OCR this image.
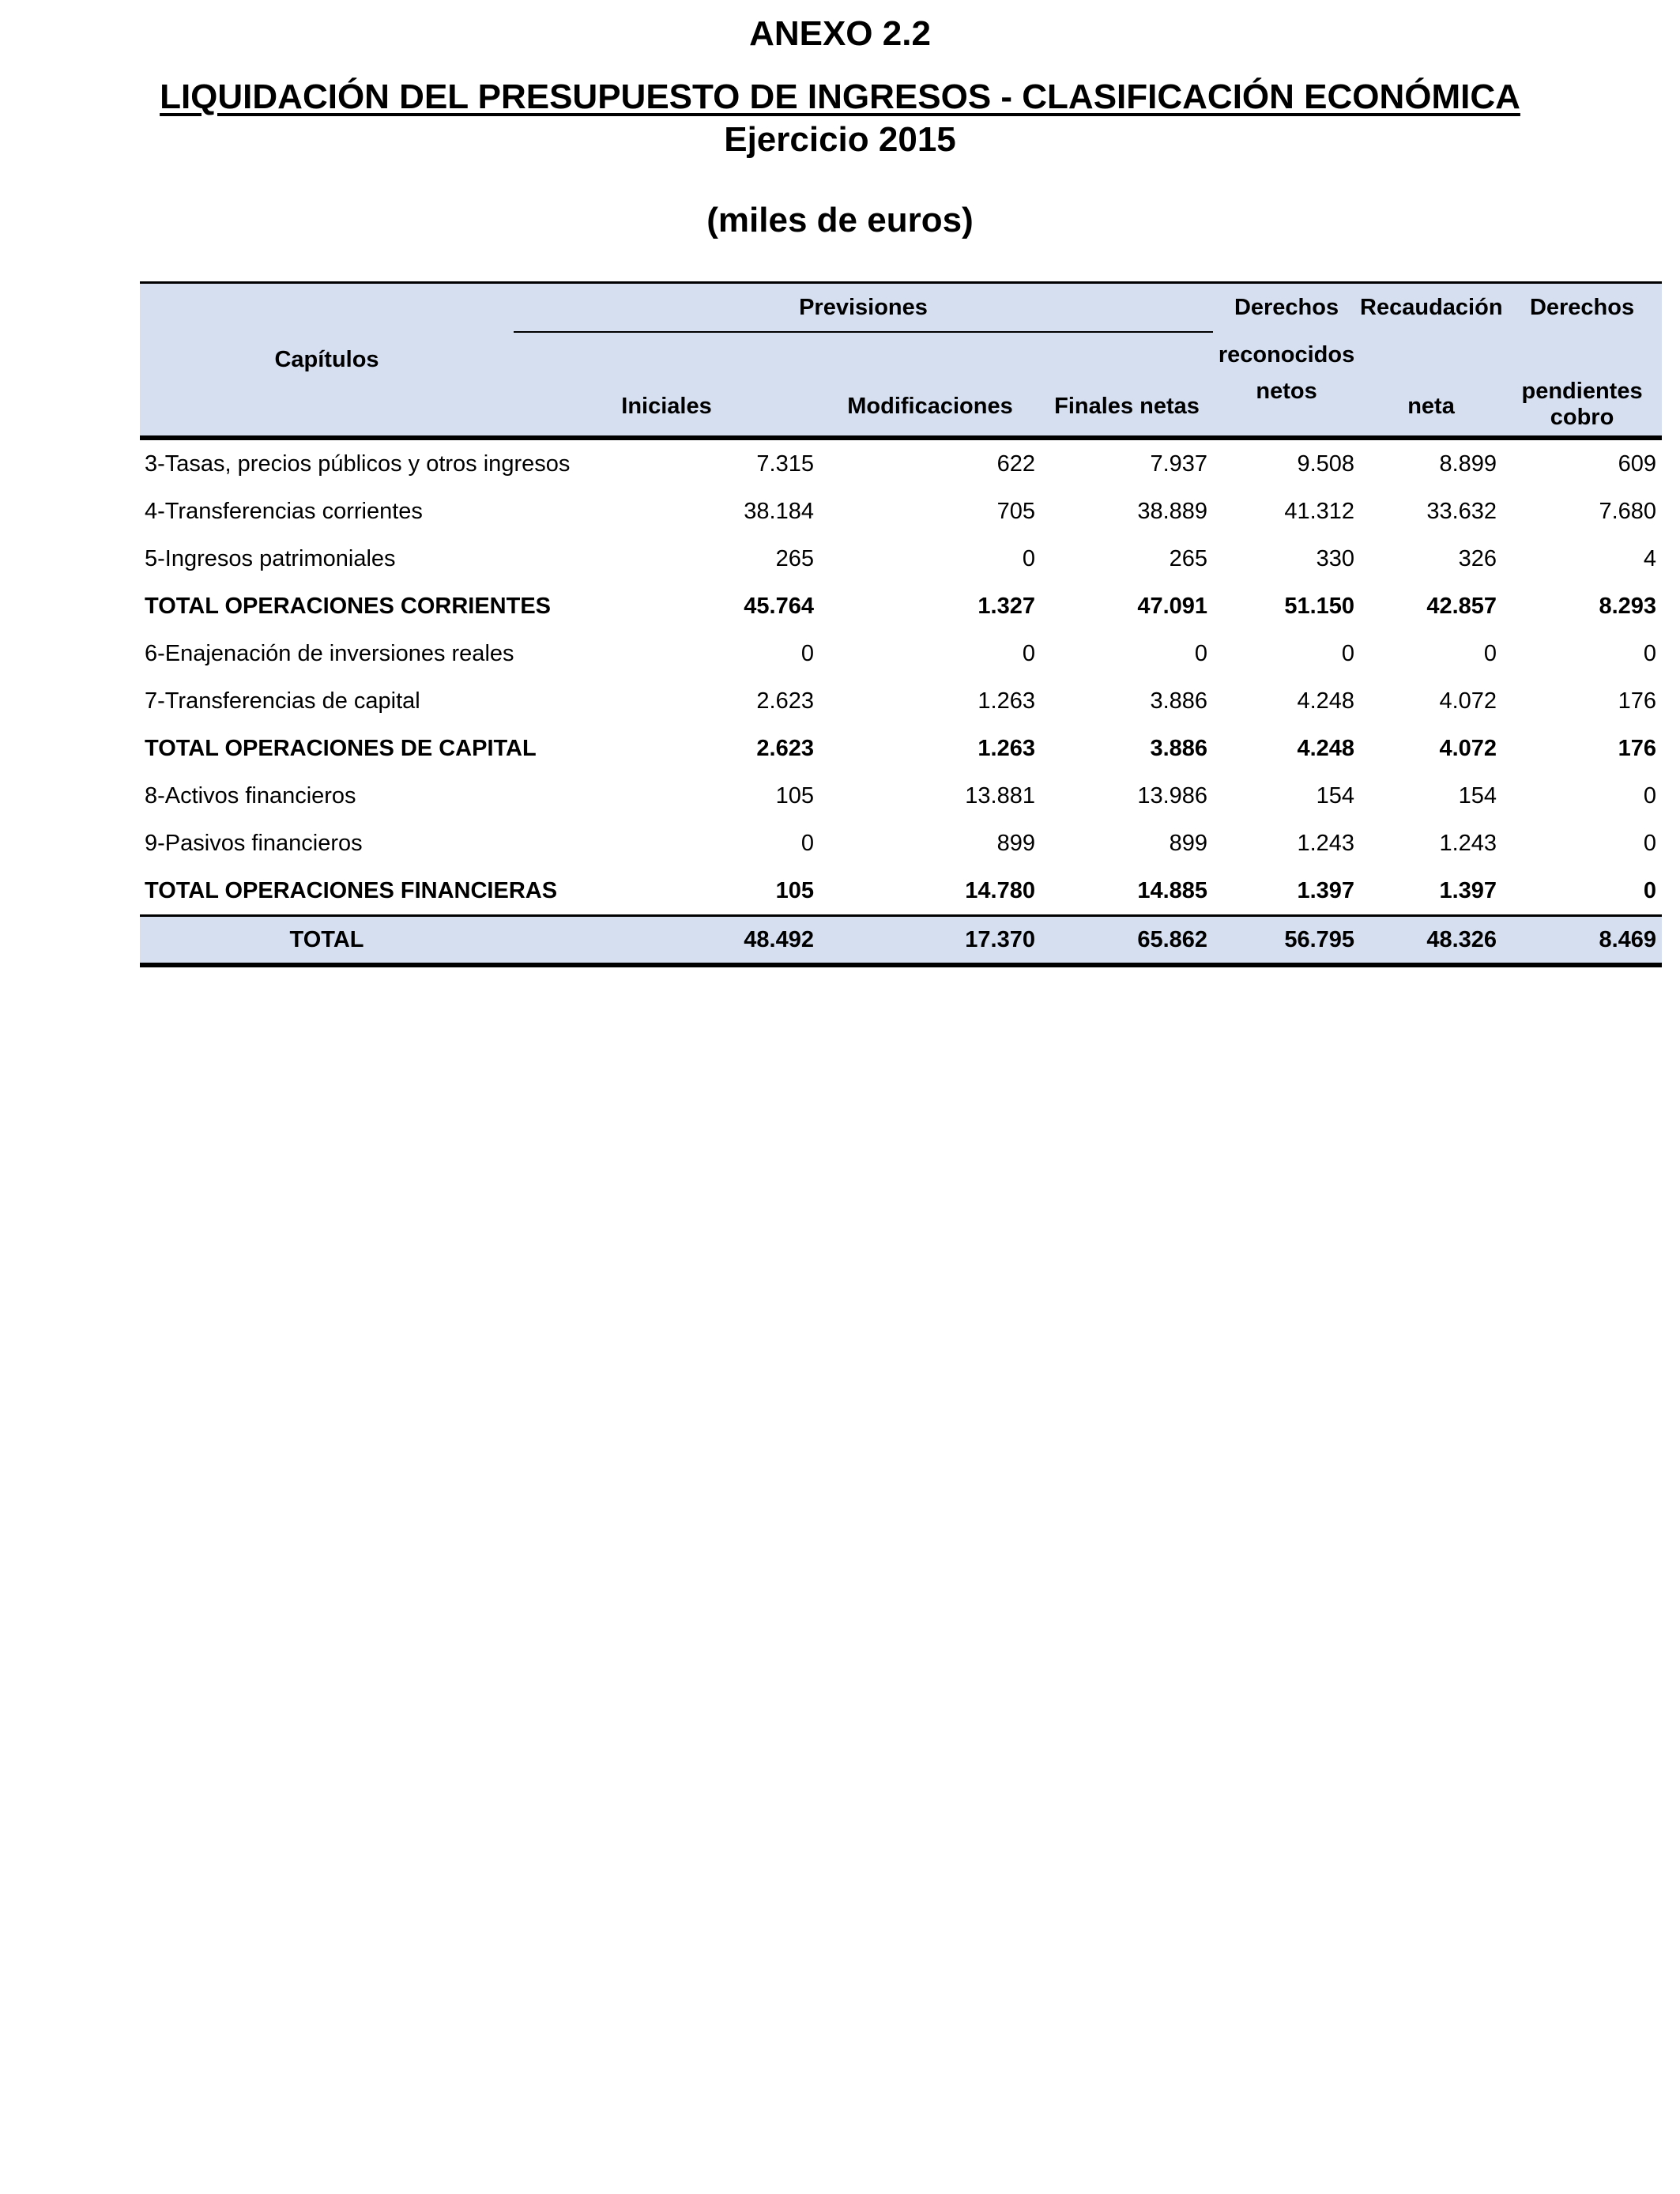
ANEXO 2.2
LIQUIDACIÓN DEL PRESUPUESTO DE INGRESOS - CLASIFICACIÓN ECONÓMICA
Ejercicio 2015
(miles de euros)
Capítulos	Previsiones			Derechos	Recaudación	Derechos
	Iniciales	Modificaciones	Finales netas	reconocidos
netos	neta	pendientes cobro
3-Tasas, precios públicos y otros ingresos	7.315	622	7.937	9.508	8.899	609
4-Transferencias corrientes	38.184	705	38.889	41.312	33.632	7.680
5-Ingresos patrimoniales	265	0	265	330	326	4
TOTAL OPERACIONES CORRIENTES	45.764	1.327	47.091	51.150	42.857	8.293
6-Enajenación de inversiones reales	0	0	0	0	0	0
7-Transferencias de capital	2.623	1.263	3.886	4.248	4.072	176
TOTAL OPERACIONES DE CAPITAL	2.623	1.263	3.886	4.248	4.072	176
8-Activos financieros	105	13.881	13.986	154	154	0
9-Pasivos financieros	0	899	899	1.243	1.243	0
TOTAL OPERACIONES FINANCIERAS	105	14.780	14.885	1.397	1.397	0
TOTAL	48.492	17.370	65.862	56.795	48.326	8.469
